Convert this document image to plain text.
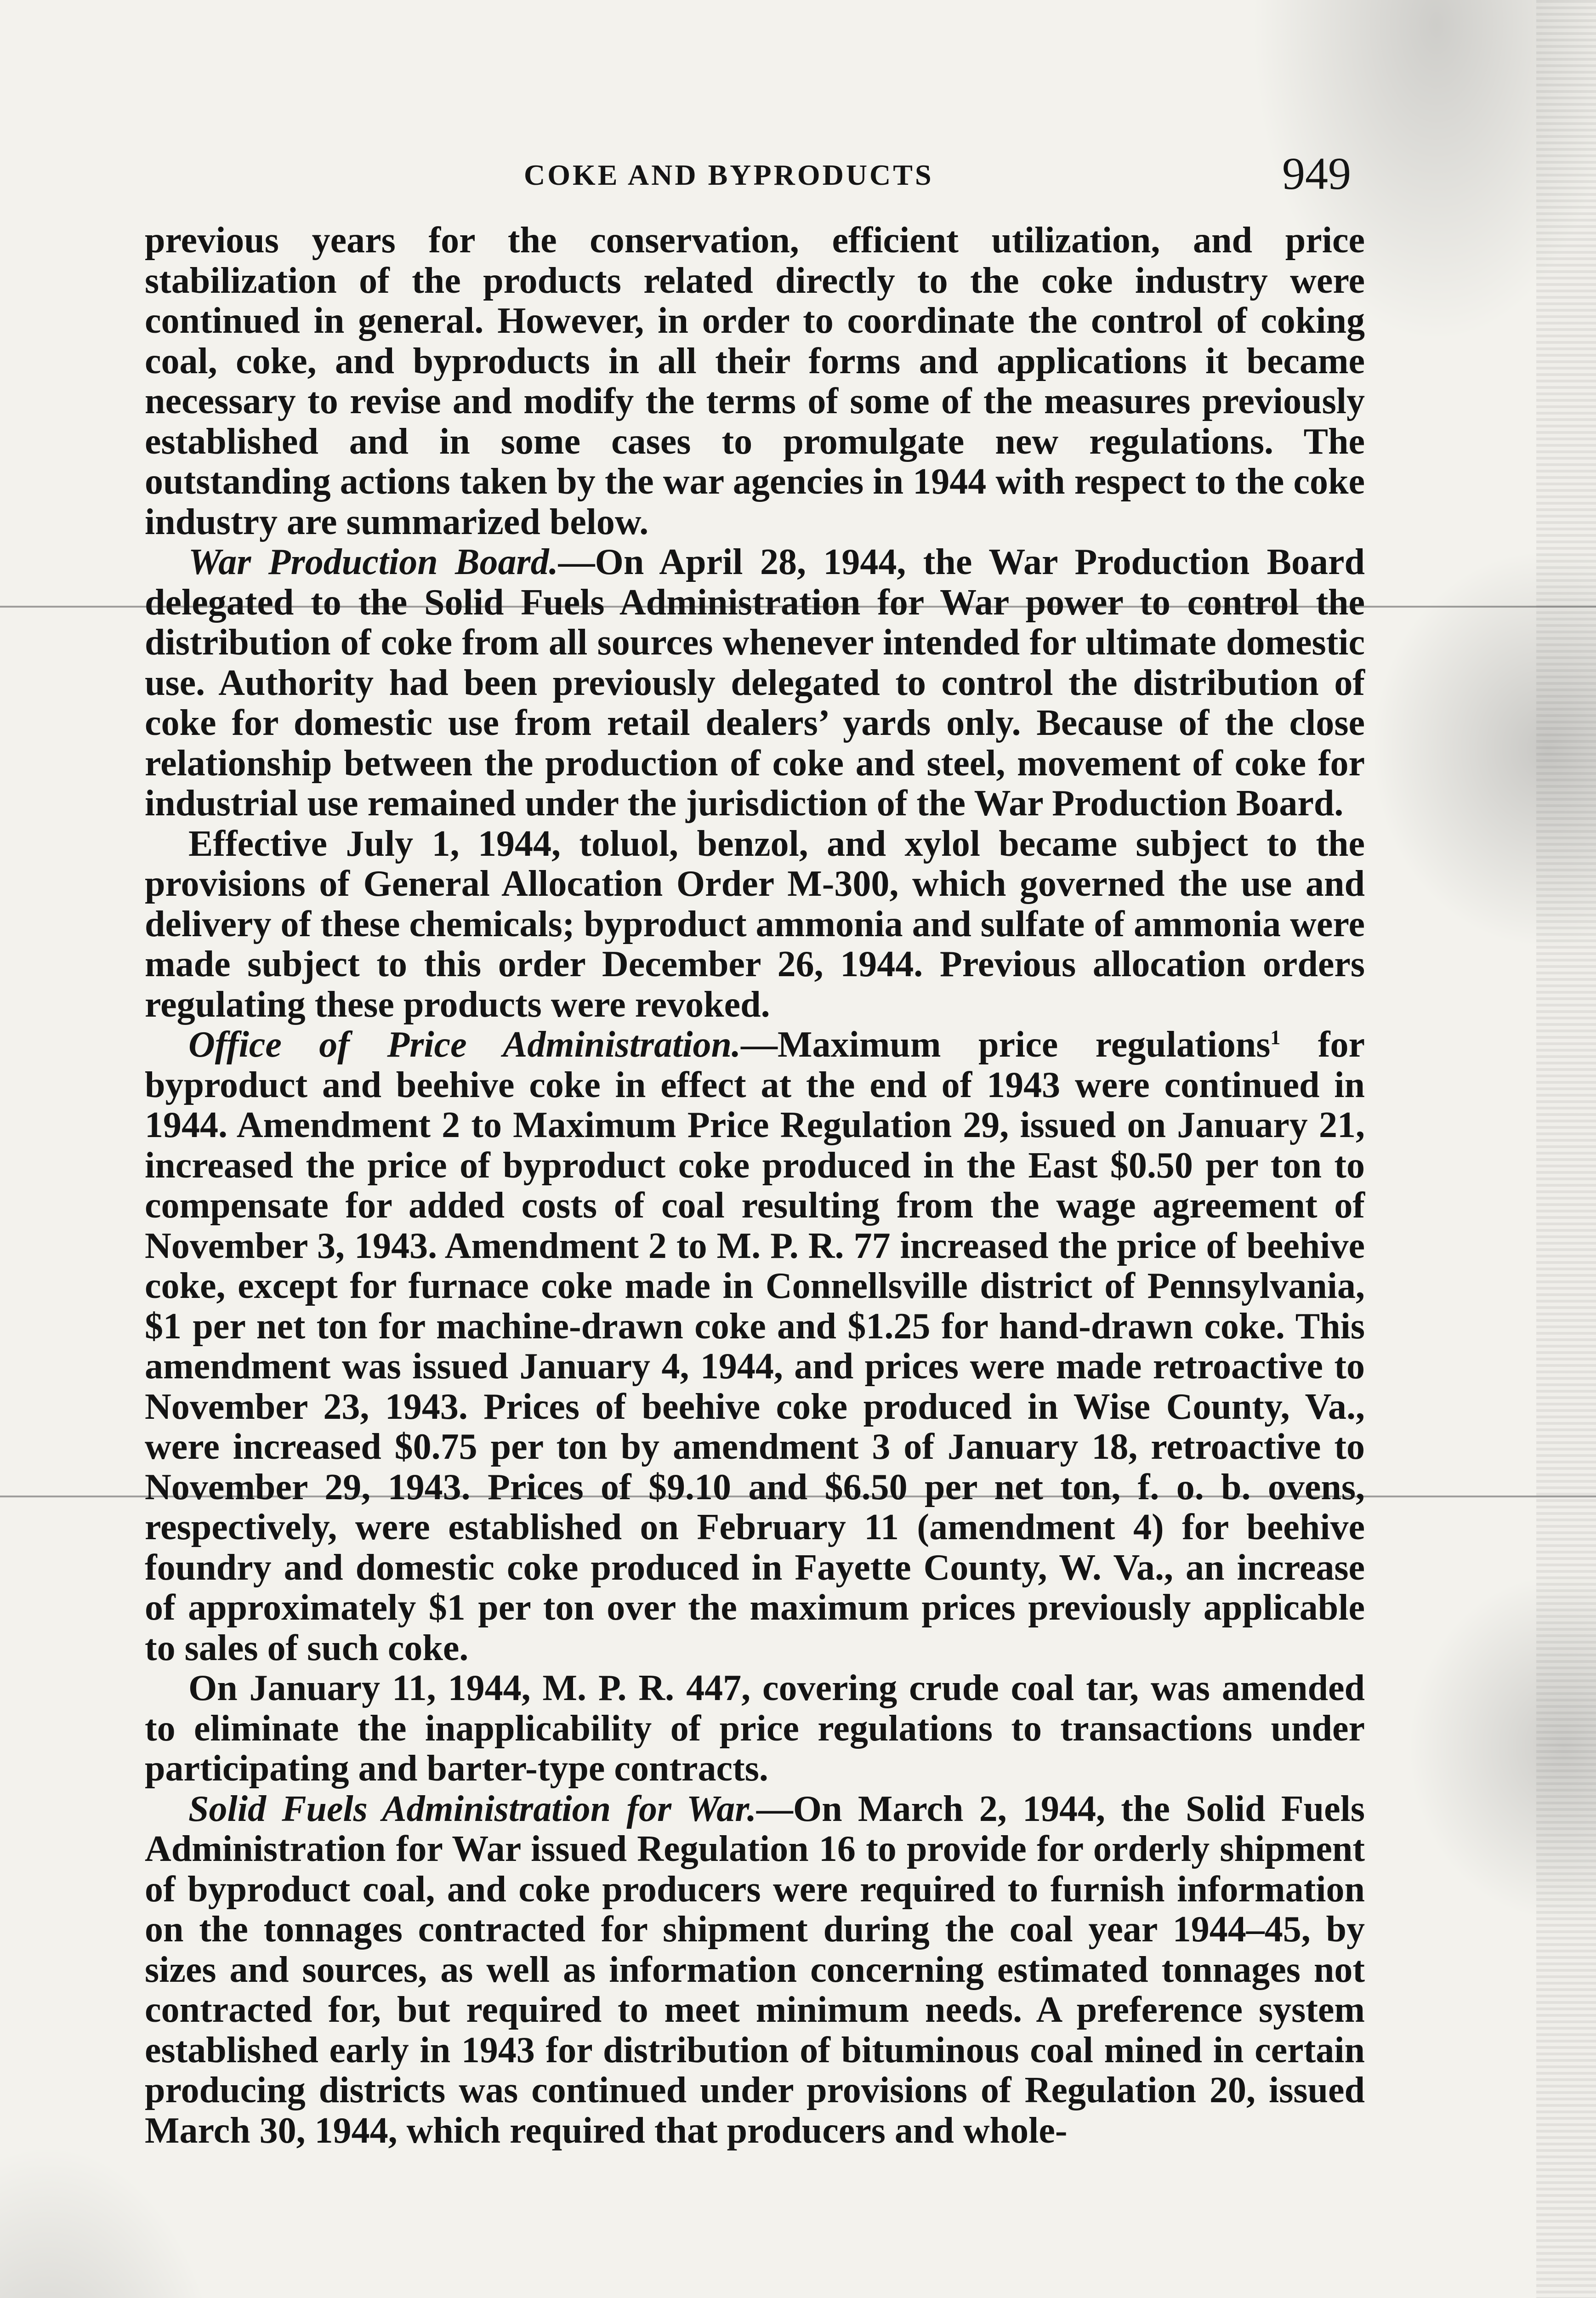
COKE AND BYPRODUCTS	949

previous years for the conservation, efficient utilization, and price stabilization of the products related directly to the coke industry were continued in general. However, in order to coordinate the control of coking coal, coke, and byproducts in all their forms and applications it became necessary to revise and modify the terms of some of the measures previously established and in some cases to promulgate new regulations. The outstanding actions taken by the war agencies in 1944 with respect to the coke industry are summarized below.

War Production Board.—On April 28, 1944, the War Production Board delegated to the Solid Fuels Administration for War power to control the distribution of coke from all sources whenever intended for ultimate domestic use. Authority had been previously delegated to control the distribution of coke for domestic use from retail dealers’ yards only. Because of the close relationship between the production of coke and steel, movement of coke for industrial use remained under the jurisdiction of the War Production Board.

Effective July 1, 1944, toluol, benzol, and xylol became subject to the provisions of General Allocation Order M-300, which governed the use and delivery of these chemicals; byproduct ammonia and sulfate of ammonia were made subject to this order December 26, 1944. Previous allocation orders regulating these products were revoked.

Office of Price Administration.—Maximum price regulations$^1$ for byproduct and beehive coke in effect at the end of 1943 were continued in 1944. Amendment 2 to Maximum Price Regulation 29, issued on January 21, increased the price of byproduct coke produced in the East $0.50 per ton to compensate for added costs of coal resulting from the wage agreement of November 3, 1943. Amendment 2 to M. P. R. 77 increased the price of beehive coke, except for furnace coke made in Connellsville district of Pennsylvania, $1 per net ton for machine-drawn coke and $1.25 for hand-drawn coke. This amendment was issued January 4, 1944, and prices were made retroactive to November 23, 1943. Prices of beehive coke produced in Wise County, Va., were increased $0.75 per ton by amendment 3 of January 18, retroactive to November 29, 1943. Prices of $9.10 and $6.50 per net ton, f. o. b. ovens, respectively, were established on February 11 (amendment 4) for beehive foundry and domestic coke produced in Fayette County, W. Va., an increase of approximately $1 per ton over the maximum prices previously applicable to sales of such coke.

On January 11, 1944, M. P. R. 447, covering crude coal tar, was amended to eliminate the inapplicability of price regulations to transactions under participating and barter-type contracts.

Solid Fuels Administration for War.—On March 2, 1944, the Solid Fuels Administration for War issued Regulation 16 to provide for orderly shipment of byproduct coal, and coke producers were required to furnish information on the tonnages contracted for shipment during the coal year 1944–45, by sizes and sources, as well as information concerning estimated tonnages not contracted for, but required to meet minimum needs. A preference system established early in 1943 for distribution of bituminous coal mined in certain producing districts was continued under provisions of Regulation 20, issued March 30, 1944, which required that producers and whole-
